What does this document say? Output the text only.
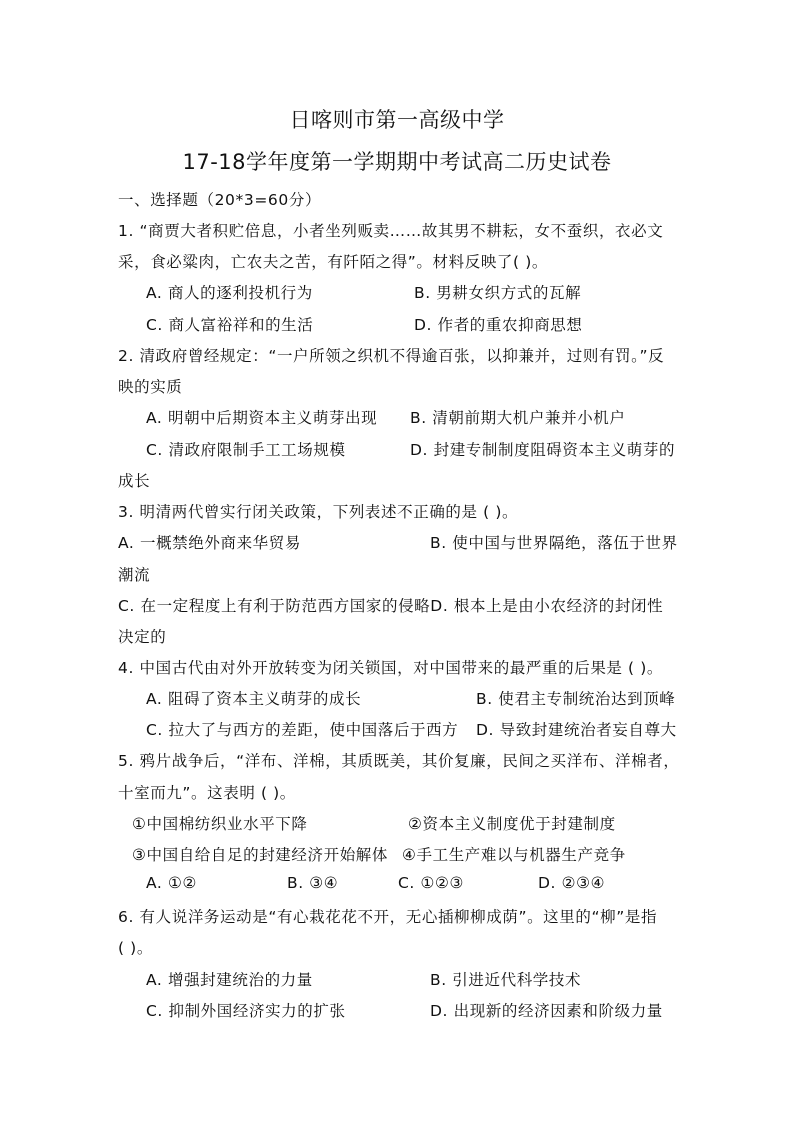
日喀则市第一高级中学
17-18学年度第一学期期中考试高二历史试卷
一、选择题（20*3=60分）
1. “商贾大者积贮倍息，小者坐列贩卖……故其男不耕耘，女不蚕织，衣必文
采，食必粱肉，亡农夫之苦，有阡陌之得”。材料反映了( )。
A. 商人的逐利投机行为	B. 男耕女织方式的瓦解
C. 商人富裕祥和的生活	D. 作者的重农抑商思想
2. 清政府曾经规定：“一户所领之织机不得逾百张，以抑兼并，过则有罚。”反
映的实质
A. 明朝中后期资本主义萌芽出现 B. 清朝前期大机户兼并小机户
C. 清政府限制手工工场规模	D. 封建专制制度阻碍资本主义萌芽的
成长
3. 明清两代曾实行闭关政策，下列表述不正确的是 ( )。
A. 一概禁绝外商来华贸易	B. 使中国与世界隔绝，落伍于世界
潮流
C. 在一定程度上有利于防范西方国家的侵略D. 根本上是由小农经济的封闭性
决定的
4. 中国古代由对外开放转变为闭关锁国，对中国带来的最严重的后果是 ( )。
A. 阻碍了资本主义萌芽的成长	B. 使君主专制统治达到顶峰
C. 拉大了与西方的差距，使中国落后于西方 D. 导致封建统治者妄自尊大
5. 鸦片战争后，“洋布、洋棉，其质既美，其价复廉，民间之买洋布、洋棉者，
十室而九”。这表明 ( )。
①中国棉纺织业水平下降	②资本主义制度优于封建制度
③中国自给自足的封建经济开始解体 ④手工生产难以与机器生产竞争
A. ①②	B. ③④	C. ①②③	D. ②③④
6. 有人说洋务运动是“有心栽花花不开，无心插柳柳成荫”。这里的“柳”是指
( )。
A. 增强封建统治的力量	B. 引进近代科学技术
C. 抑制外国经济实力的扩张	D. 出现新的经济因素和阶级力量
